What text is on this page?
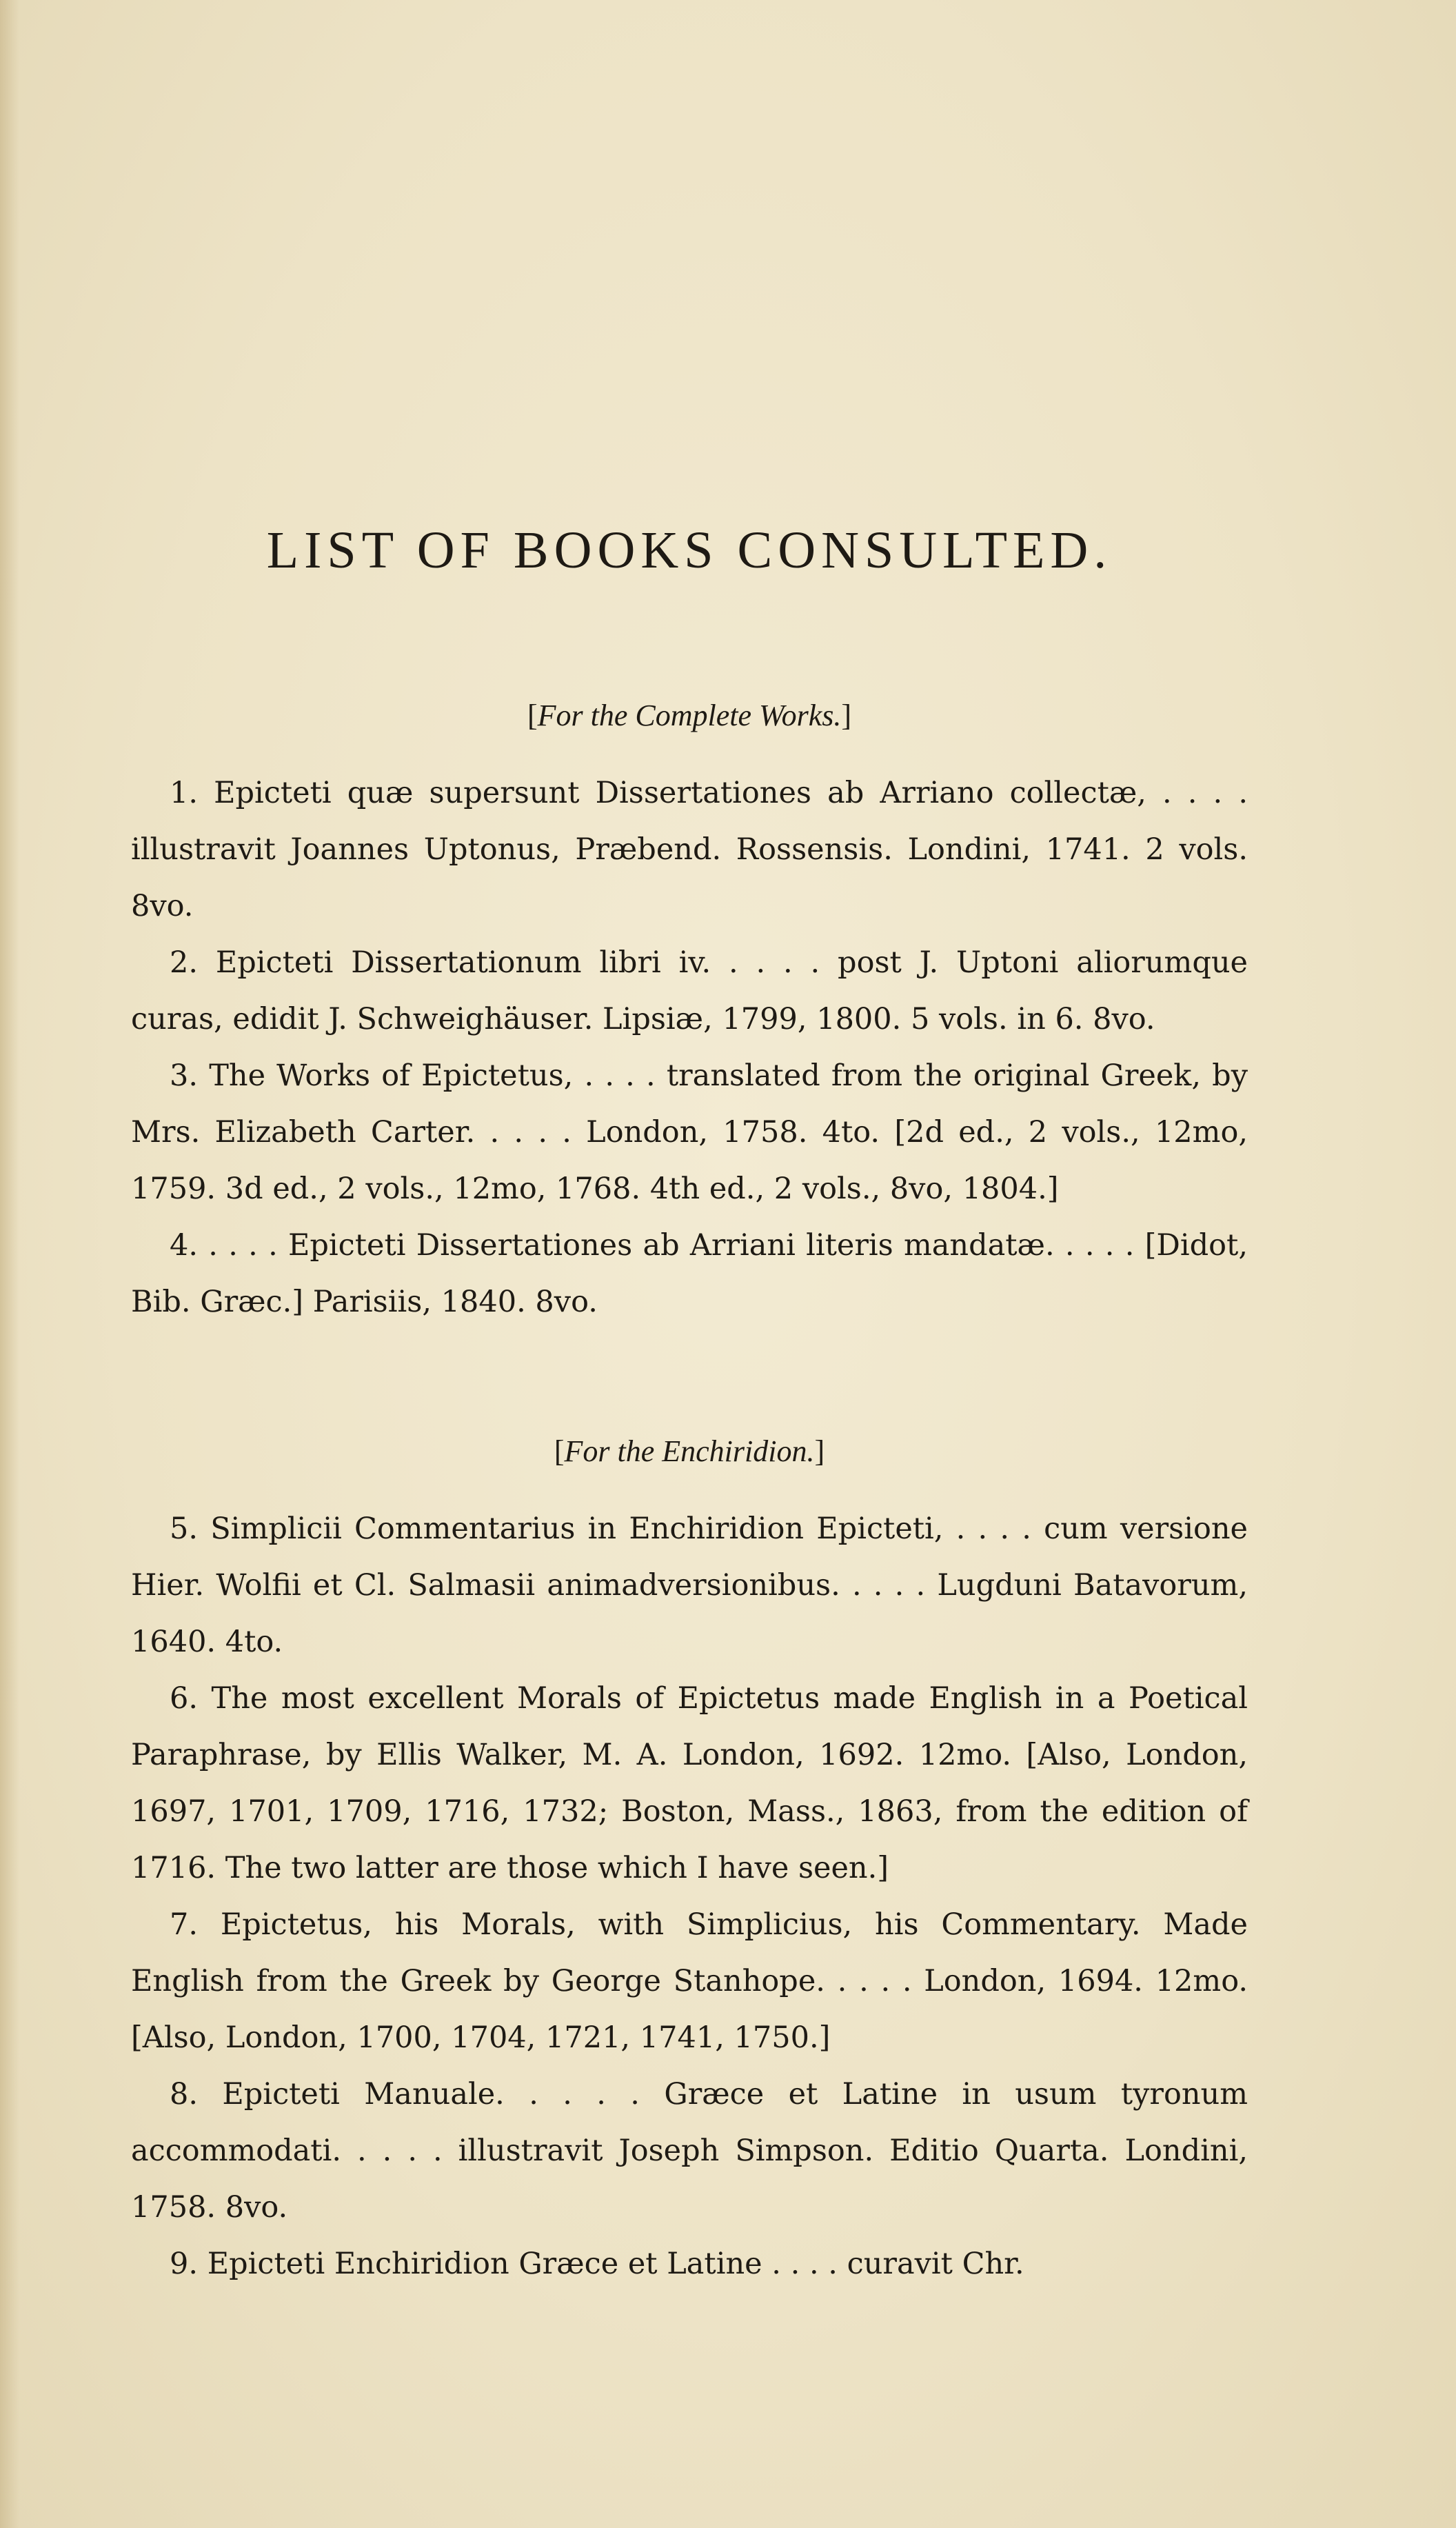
LIST OF BOOKS CONSULTED.
[For the Complete Works.]

1. Epicteti quæ supersunt Dissertationes ab Arriano collectæ, . . . . illustravit Joannes Uptonus, Præbend. Rossensis. Londini, 1741. 2 vols. 8vo.

2. Epicteti Dissertationum libri iv. . . . . post J. Uptoni aliorumque curas, edidit J. Schweighäuser. Lipsiæ, 1799, 1800. 5 vols. in 6. 8vo.

3. The Works of Epictetus, . . . . translated from the original Greek, by Mrs. Elizabeth Carter. . . . . London, 1758. 4to. [2d ed., 2 vols., 12mo, 1759. 3d ed., 2 vols., 12mo, 1768. 4th ed., 2 vols., 8vo, 1804.]

4. . . . . Epicteti Dissertationes ab Arriani literis mandatæ. . . . . [Didot, Bib. Græc.] Parisiis, 1840. 8vo.

[For the Enchiridion.]

5. Simplicii Commentarius in Enchiridion Epicteti, . . . . cum versione Hier. Wolfii et Cl. Salmasii animadversionibus. . . . . Lugduni Batavorum, 1640. 4to.

6. The most excellent Morals of Epictetus made English in a Poetical Paraphrase, by Ellis Walker, M. A. London, 1692. 12mo. [Also, London, 1697, 1701, 1709, 1716, 1732; Boston, Mass., 1863, from the edition of 1716. The two latter are those which I have seen.]

7. Epictetus, his Morals, with Simplicius, his Commentary. Made English from the Greek by George Stanhope. . . . . London, 1694. 12mo. [Also, London, 1700, 1704, 1721, 1741, 1750.]

8. Epicteti Manuale. . . . . Græce et Latine in usum tyronum accommodati. . . . . illustravit Joseph Simpson. Editio Quarta. Londini, 1758. 8vo.

9. Epicteti Enchiridion Græce et Latine . . . . curavit Chr.
